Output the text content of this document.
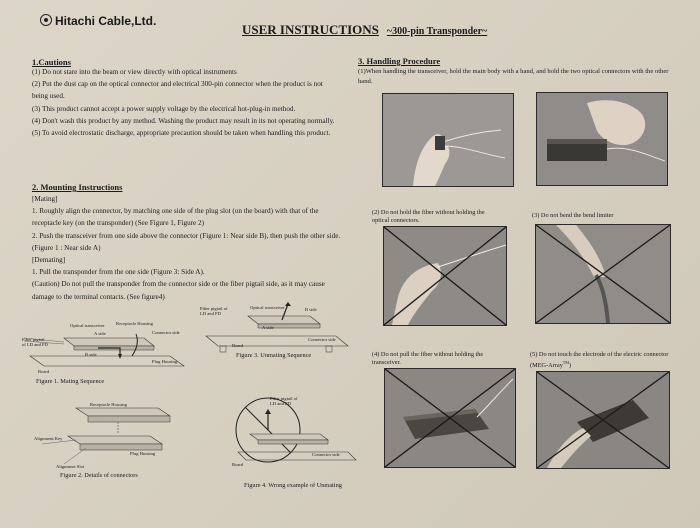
Hitachi Cable,Ltd.
USER INSTRUCTIONS ~300-pin Transponder~
1.Cautions
(1) Do not stare into the beam or view directly with optical instruments
(2) Put the dust cap on the optical connector and electrical 300-pin connector when the product is not being used.
(3) This product cannot accept a power supply voltage by the electrical hot-plug-in method.
(4) Don't wash this product by any method. Washing the product may result in its not operating normally.
(5) To avoid electrostatic discharge, appropriate precaution should be taken when handling this product.
2. Mounting Instructions
[Mating]
1. Roughly align the connector, by matching one side of the plug slot (on the board) with that of the receptacle key (on the transponder) (See Figure 1, Figure 2)
2. Push the transceiver from one side above the connector (Figure 1: Near side B), then push the other side.(Figure 1 : Near side A)
[Demating]
1. Pull the transponder from the one side (Figure 3: Side A).
(Caution) Do not pull the transponder from the connector side or the fiber pigtail side, as it may cause damage to the terminal contacts. (See figure4)
Optical transceiver Receptacle Housing
Fiber pigtail of LD and PD
A side	Connector side
B side
Plug Housing
Board
Figure 1. Mating Sequence
Fiber pigtail of LD and PD
Optical transceiver	B side
A side
Connector side
Board
Figure 3. Unmating Sequence
Receptacle Housing
Alignment Key
Plug Housing
Alignment Slot
Figure 2. Details of connectors
Fiber pigtail of LD and PD
Connector side
Board
Figure 4. Wrong example of Unmating
3. Handling Procedure
(1)When handling the transceiver, hold the main body with a hand, and hold the two optical connectors with the other hand.
(2) Do not hold the fiber without holding the optical connectors.
(3) Do not bend the bend limiter
(4) Do not pull the fiber without holding the transceiver.
(5) Do not touch the electrode of the electric connector (MEG-Array™)
